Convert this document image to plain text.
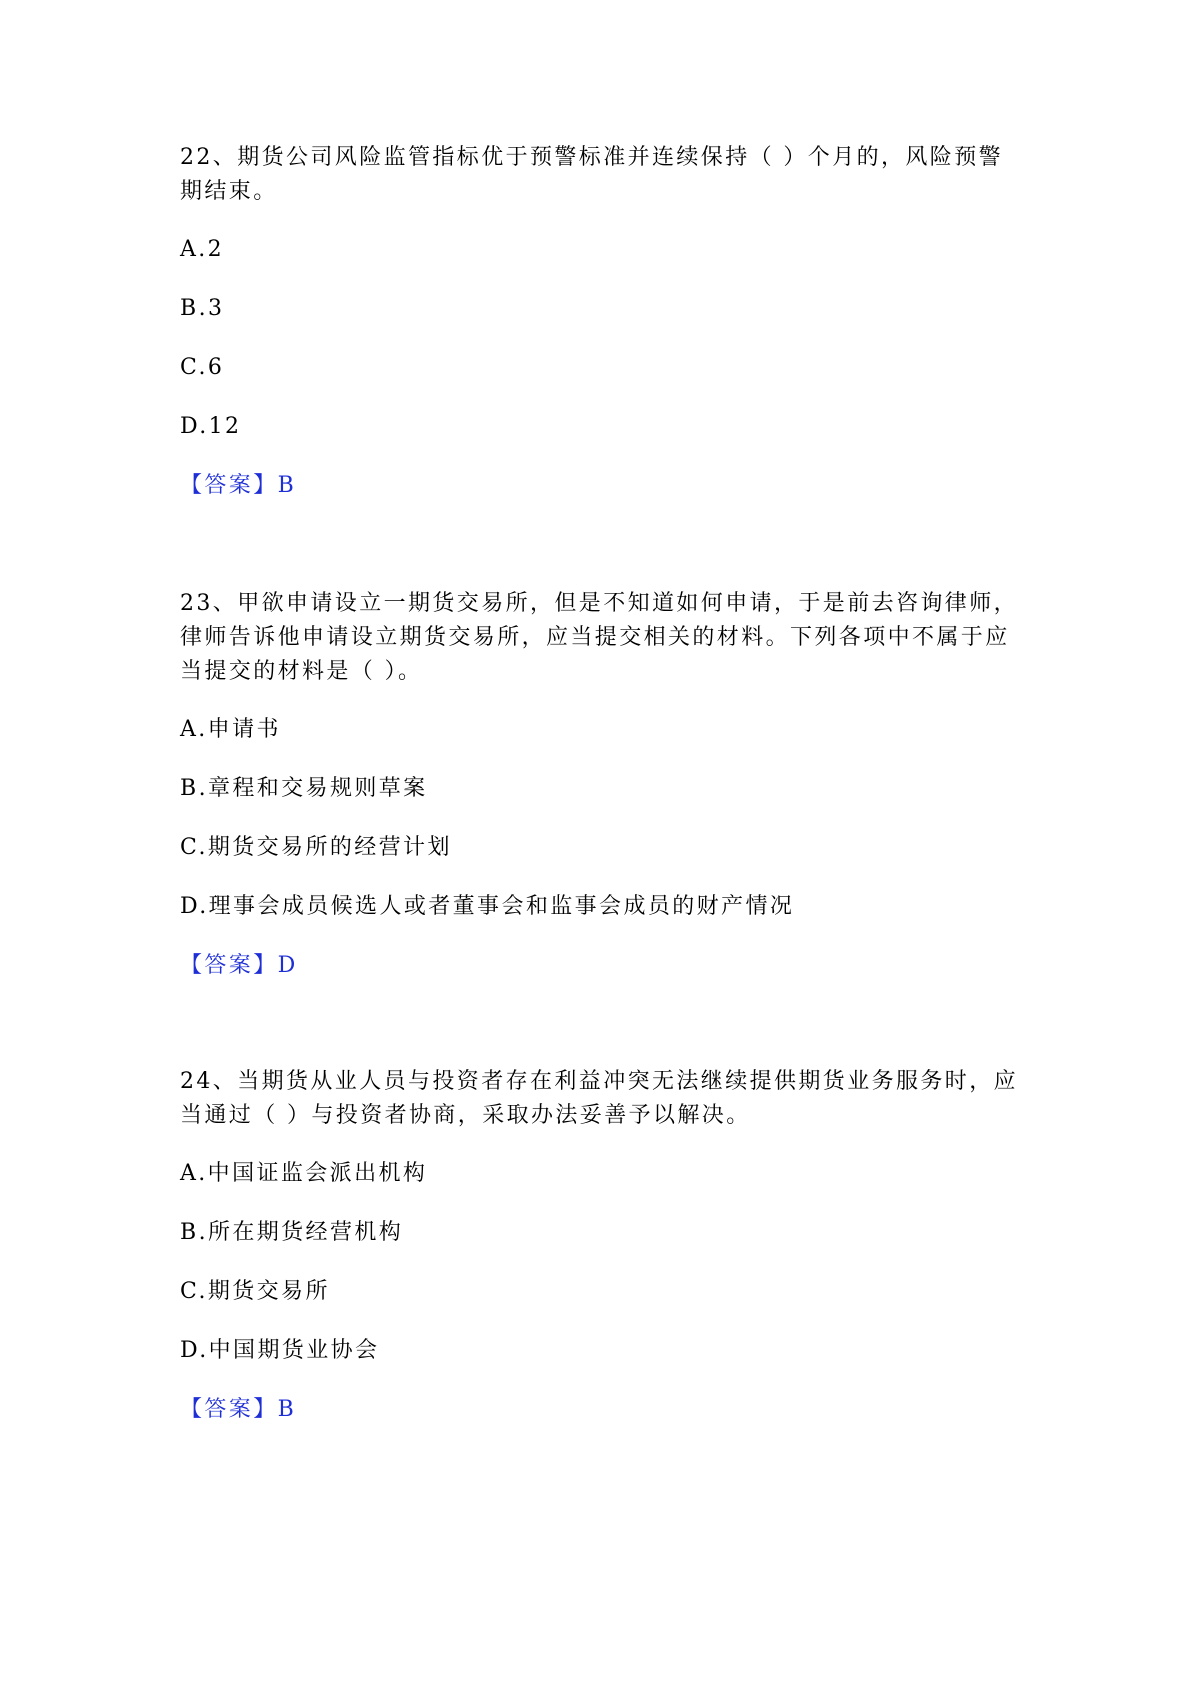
22、期货公司风险监管指标优于预警标准并连续保持（ ）个月的，风险预警期结束。

A.2

B.3

C.6

D.12

【答案】B

23、甲欲申请设立一期货交易所，但是不知道如何申请，于是前去咨询律师，律师告诉他申请设立期货交易所，应当提交相关的材料。下列各项中不属于应当提交的材料是（ ）。

A.申请书

B.章程和交易规则草案

C.期货交易所的经营计划

D.理事会成员候选人或者董事会和监事会成员的财产情况

【答案】D

24、当期货从业人员与投资者存在利益冲突无法继续提供期货业务服务时，应当通过（ ）与投资者协商，采取办法妥善予以解决。

A.中国证监会派出机构

B.所在期货经营机构

C.期货交易所

D.中国期货业协会

【答案】B
